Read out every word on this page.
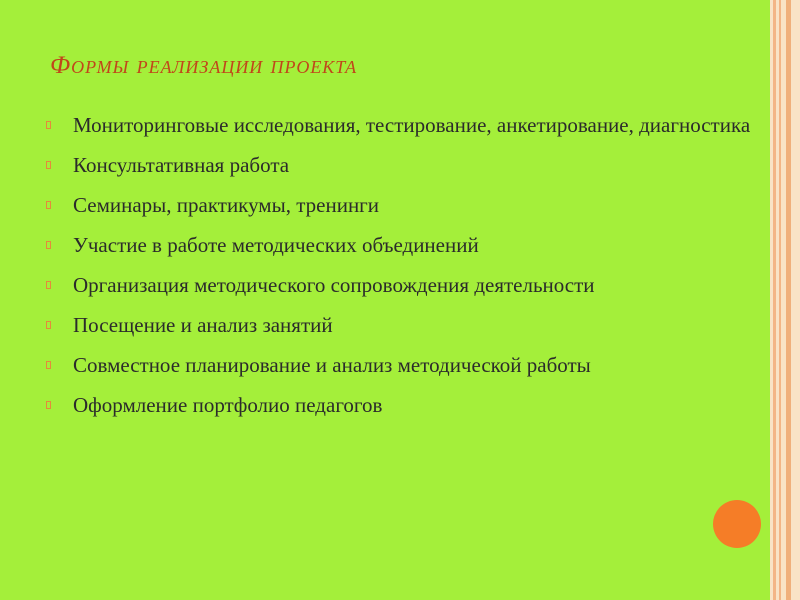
Формы реализации проекта
Мониторинговые исследования, тестирование, анкетирование, диагностика
Консультативная работа
Семинары, практикумы, тренинги
Участие в работе методических объединений
Организация методического сопровождения деятельности
Посещение и анализ занятий
Совместное планирование и анализ методической работы
Оформление портфолио педагогов
